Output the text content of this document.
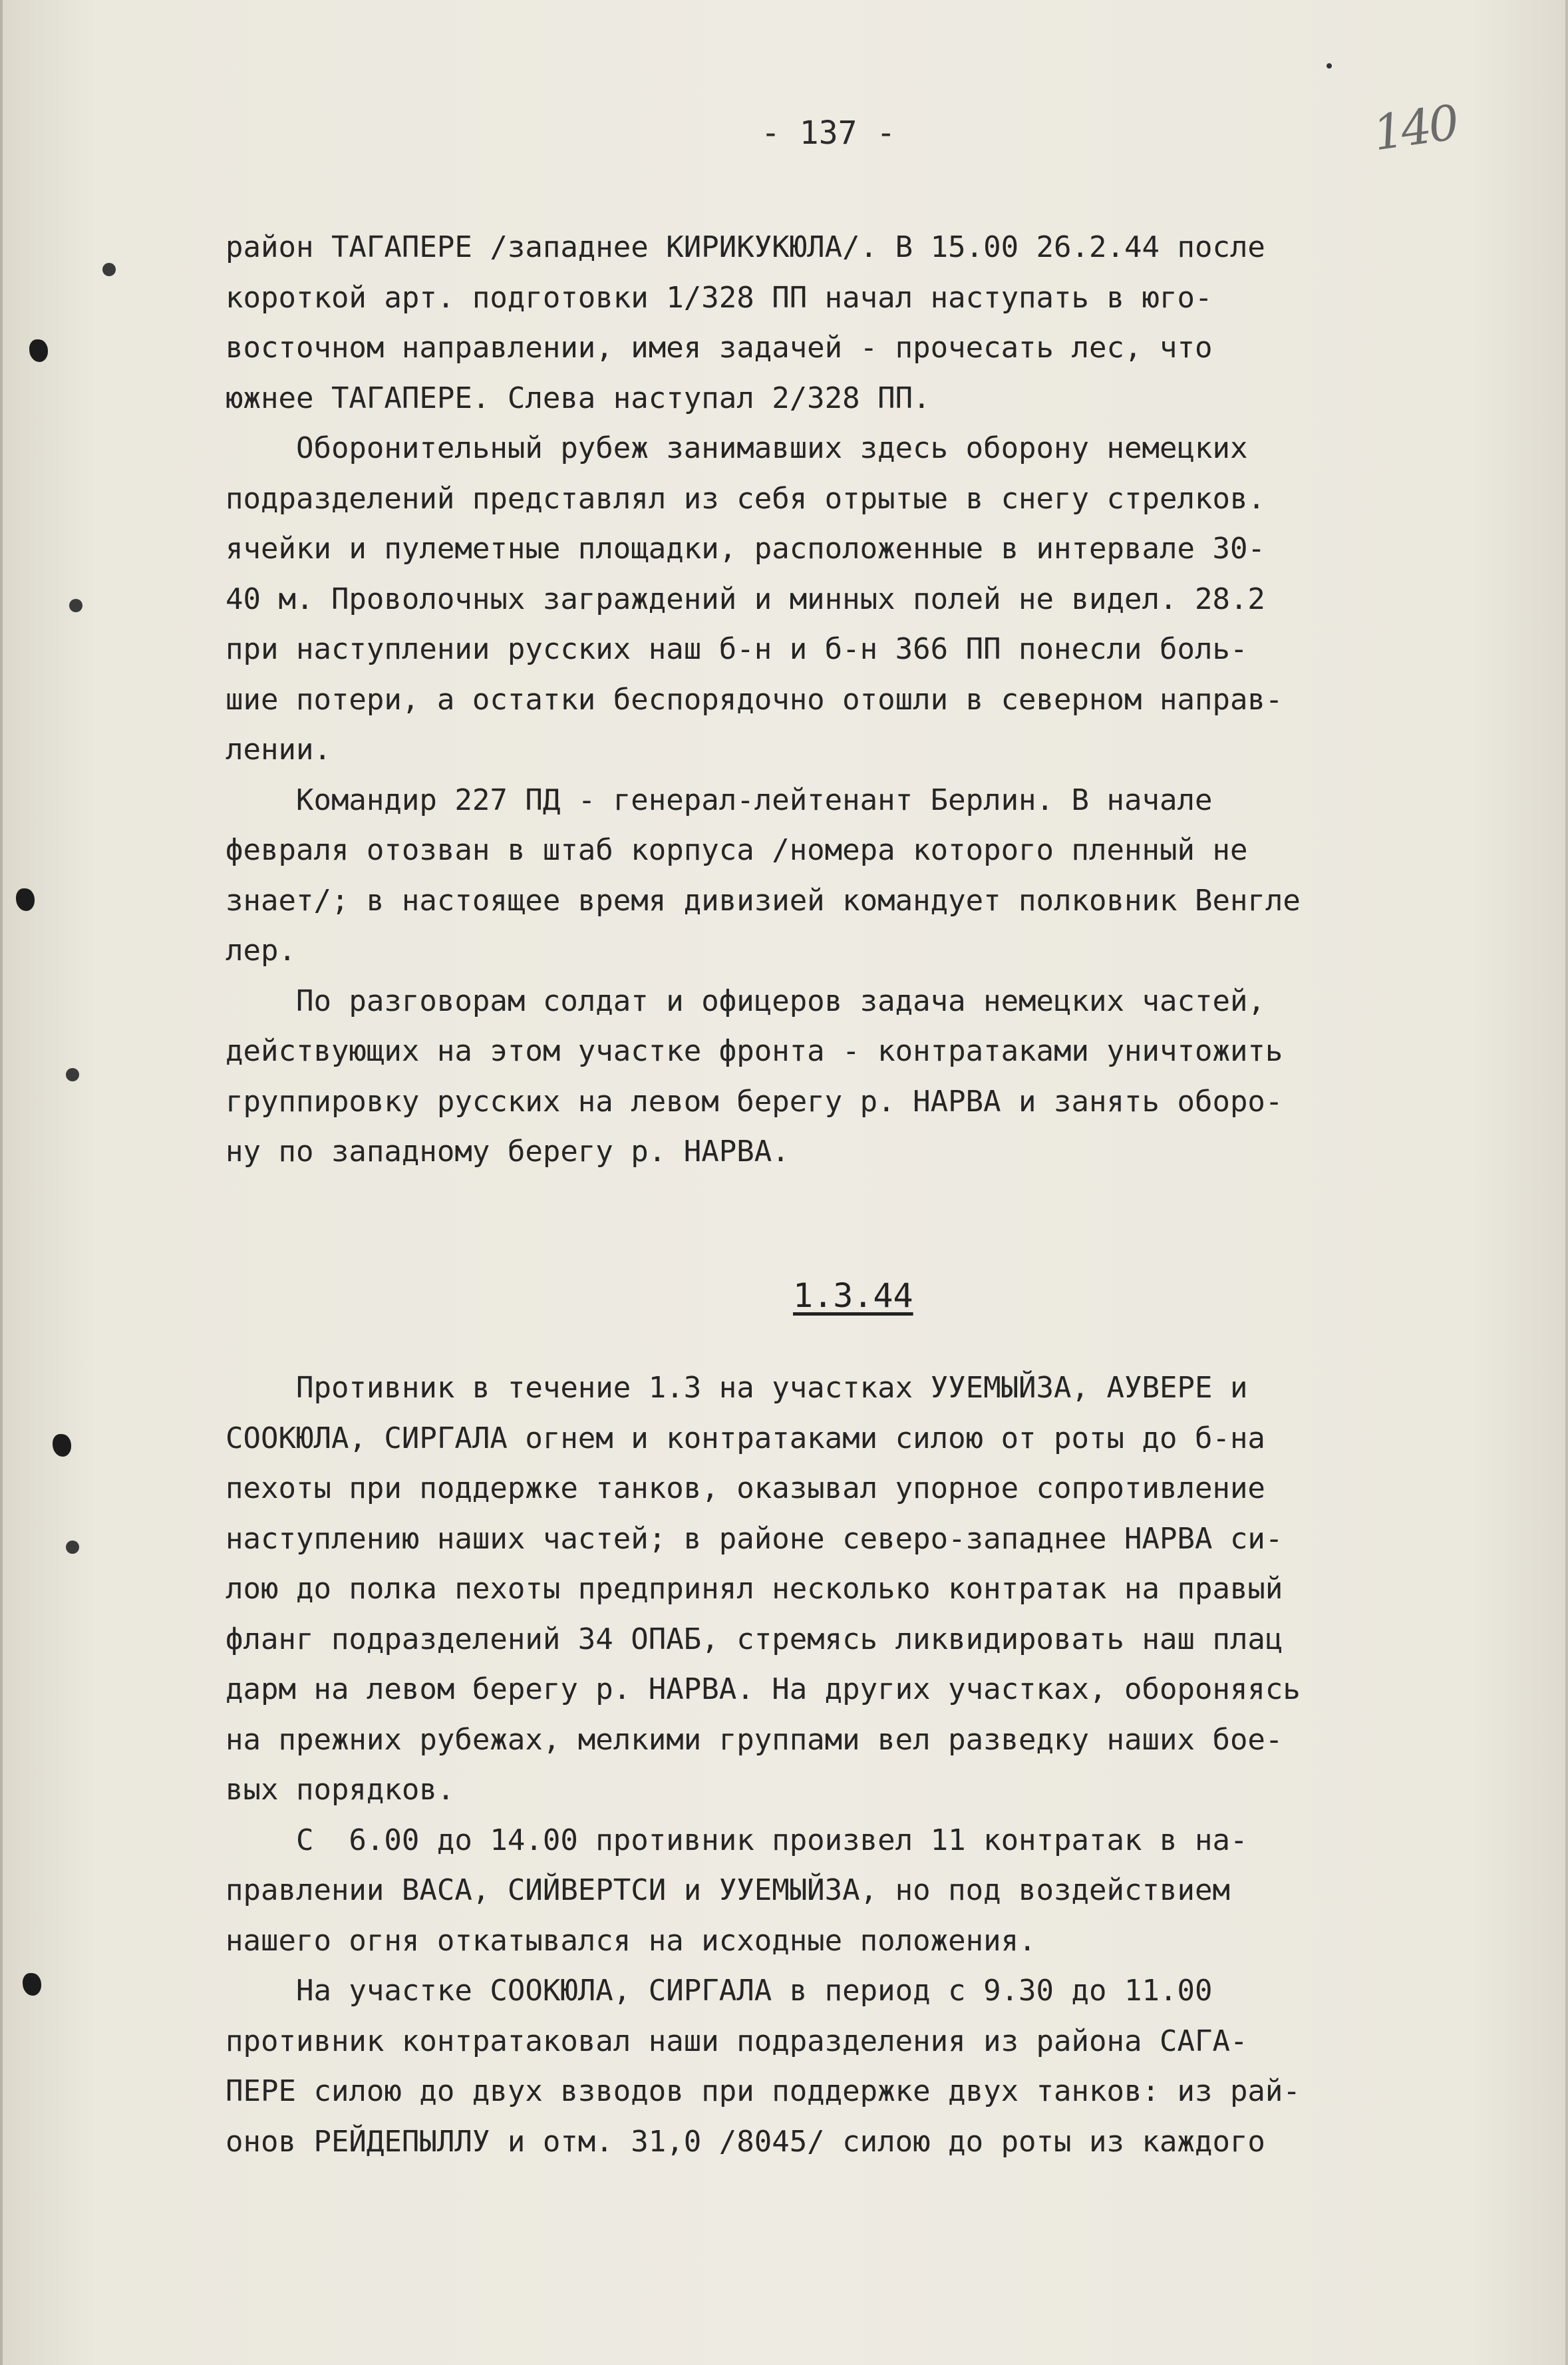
- 137 -	140
район ТАГАПЕРЕ /западнее КИРИКУКЮЛА/. В 15.00 26.2.44 после
короткой арт. подготовки 1/328 ПП начал наступать в юго-
восточном направлении, имея задачей - прочесать лес, что
южнее ТАГАПЕРЕ. Слева наступал 2/328 ПП.
Оборонительный рубеж занимавших здесь оборону немецких
подразделений представлял из себя отрытые в снегу стрелков.
ячейки и пулеметные площадки, расположенные в интервале 30-
40 м. Проволочных заграждений и минных полей не видел. 28.2
при наступлении русских наш б-н и б-н 366 ПП понесли боль-
шие потери, а остатки беспорядочно отошли в северном направ-
лении.
Командир 227 ПД - генерал-лейтенант Берлин. В начале
февраля отозван в штаб корпуса /номера которого пленный не
знает/; в настоящее время дивизией командует полковник Венгле
лер.
По разговорам солдат и офицеров задача немецких частей,
действующих на этом участке фронта - контратаками уничтожить
группировку русских на левом берегу р. НАРВА и занять оборо-
ну по западному берегу р. НАРВА.
1.3.44

Противник в течение 1.3 на участках УУЕМЫЙЗА, АУВЕРЕ и
СООКЮЛА, СИРГАЛА огнем и контратаками силою от роты до б-на
пехоты при поддержке танков, оказывал упорное сопротивление
наступлению наших частей; в районе северо-западнее НАРВА си-
лою до полка пехоты предпринял несколько контратак на правый
фланг подразделений 34 ОПАБ, стремясь ликвидировать наш плац
дарм на левом берегу р. НАРВА. На других участках, обороняясь
на прежних рубежах, мелкими группами вел разведку наших бое-
вых порядков.
С  6.00 до 14.00 противник произвел 11 контратак в на-
правлении ВАСА, СИЙВЕРТСИ и УУЕМЫЙЗА, но под воздействием
нашего огня откатывался на исходные положения.
На участке СООКЮЛА, СИРГАЛА в период с 9.30 до 11.00
противник контратаковал наши подразделения из района САГА-
ПЕРЕ силою до двух взводов при поддержке двух танков: из рай-
онов РЕЙДЕПЫЛЛУ и отм. 31,0 /8045/ силою до роты из каждого
